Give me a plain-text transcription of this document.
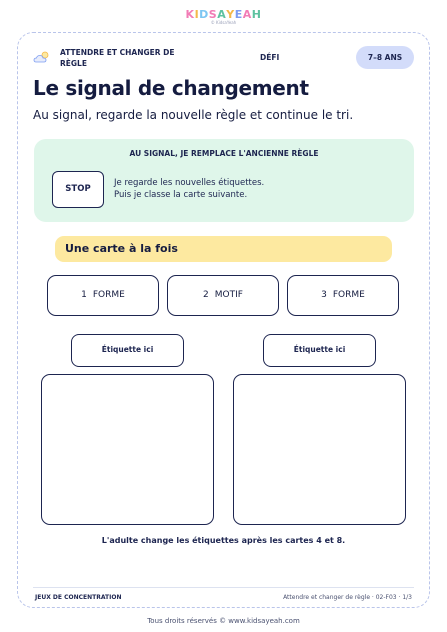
KIDSAYEAH
© KidsaYeah
ATTENDRE ET CHANGER DE RÈGLE
DÉFI	7–8 ANS
Le signal de changement
Au signal, regarde la nouvelle règle et continue le tri.
AU SIGNAL, JE REMPLACE L'ANCIENNE RÈGLE
STOP
Je regarde les nouvelles étiquettes.
Puis je classe la carte suivante.
Une carte à la fois
1 FORME	2 MOTIF	3 FORME
Étiquette ici	Étiquette ici
L'adulte change les étiquettes après les cartes 4 et 8.
JEUX DE CONCENTRATION	Attendre et changer de règle · 02-F03 · 1/3
Tous droits réservés © www.kidsayeah.com
